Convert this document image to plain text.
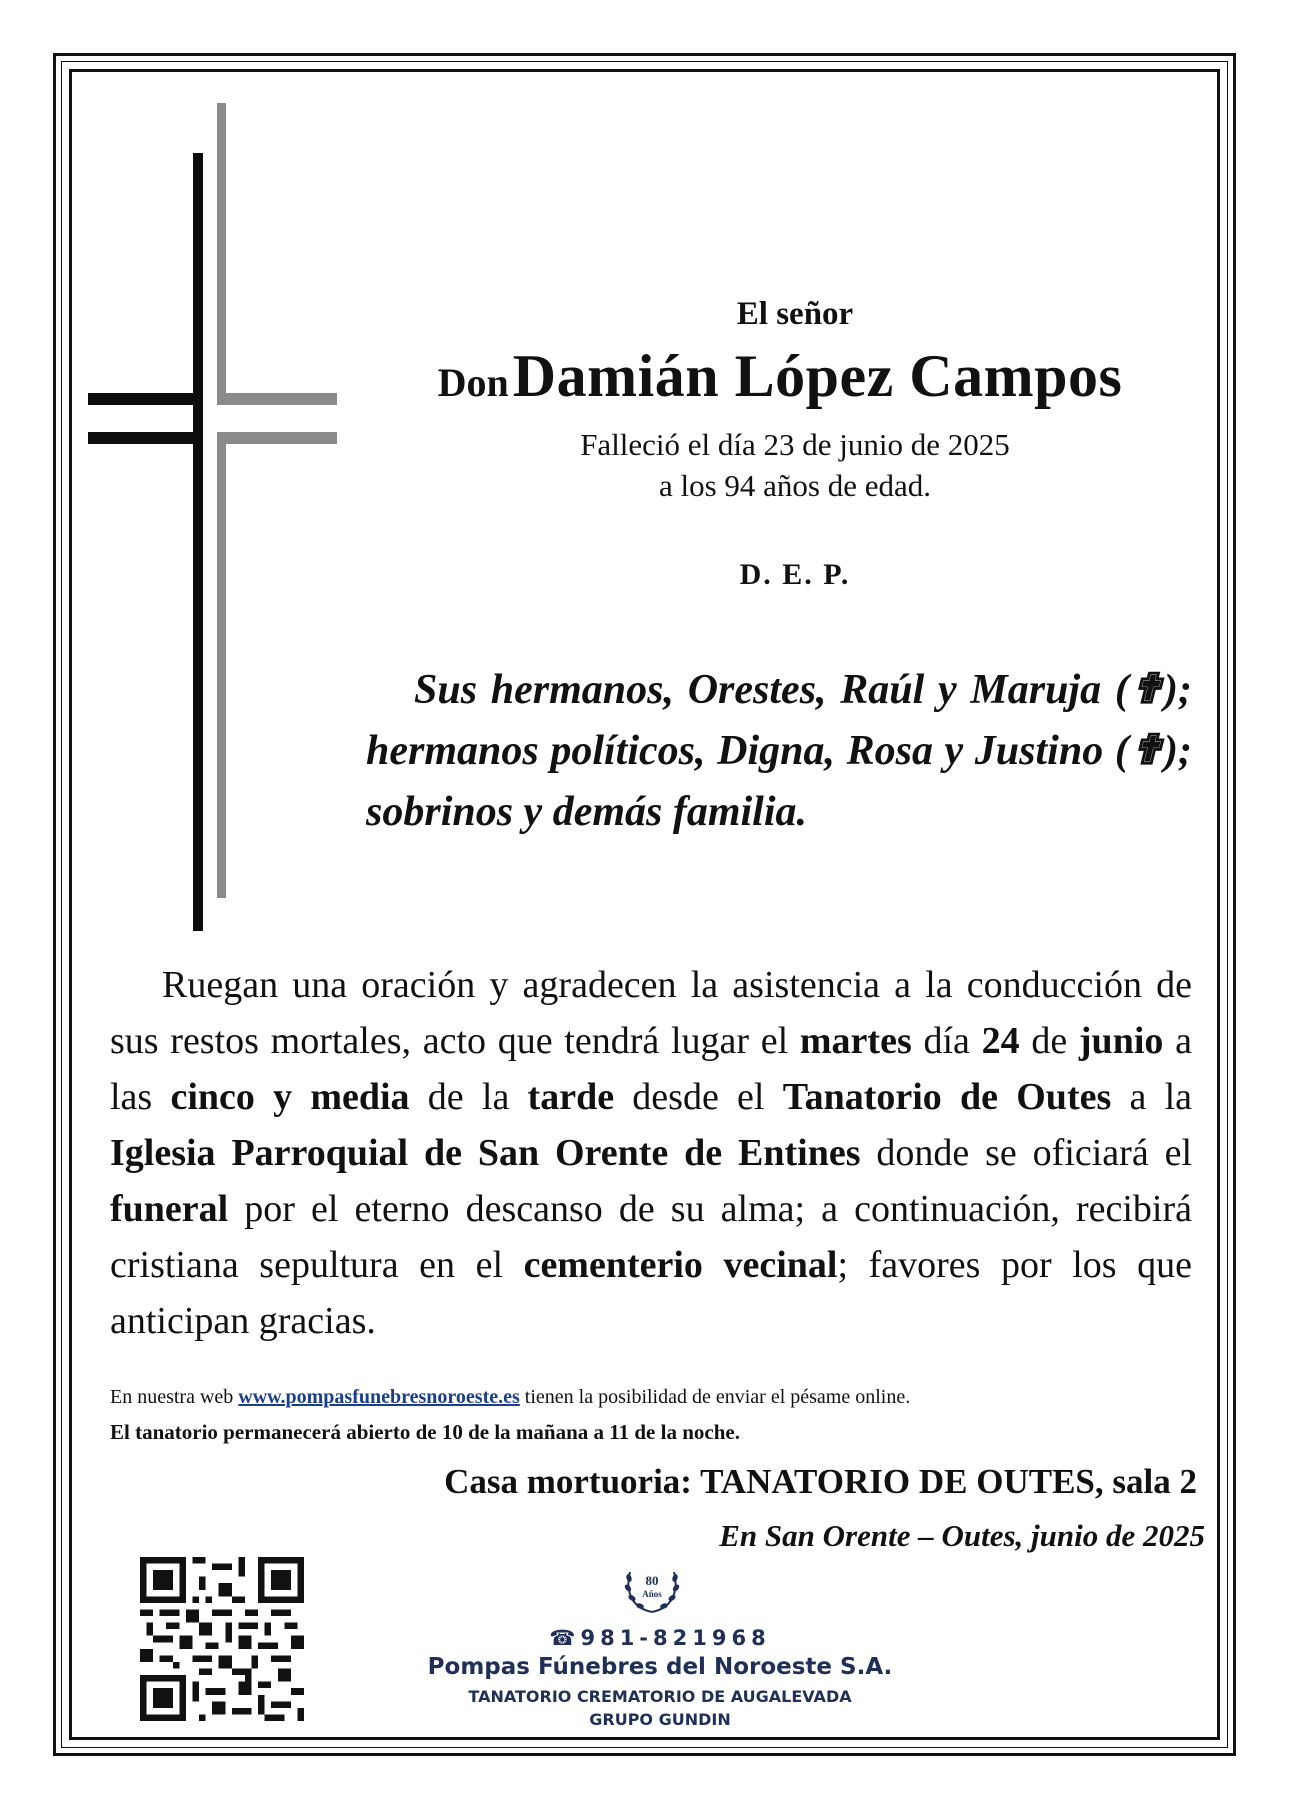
El señor
Don Damián López Campos
Falleció el día 23 de junio de 2025
a los 94 años de edad.
D. E. P.
Sus hermanos, Orestes, Raúl y Maruja (✟); hermanos políticos, Digna, Rosa y Justino (✟); sobrinos y demás familia.
Ruegan una oración y agradecen la asistencia a la conducción de sus restos mortales, acto que tendrá lugar el martes día 24 de junio a las cinco y media de la tarde desde el Tanatorio de Outes a la Iglesia Parroquial de San Orente de Entines donde se oficiará el funeral por el eterno descanso de su alma; a continuación, recibirá cristiana sepultura en el cementerio vecinal; favores por los que anticipan gracias.
En nuestra web www.pompasfunebresnoroeste.es tienen la posibilidad de enviar el pésame online.
El tanatorio permanecerá abierto de 10 de la mañana a 11 de la noche.
Casa mortuoria: TANATORIO DE OUTES, sala 2
En San Orente – Outes, junio de 2025
80
Años
☎981-821968
Pompas Fúnebres del Noroeste S.A.
TANATORIO CREMATORIO DE AUGALEVADA
GRUPO GUNDIN
